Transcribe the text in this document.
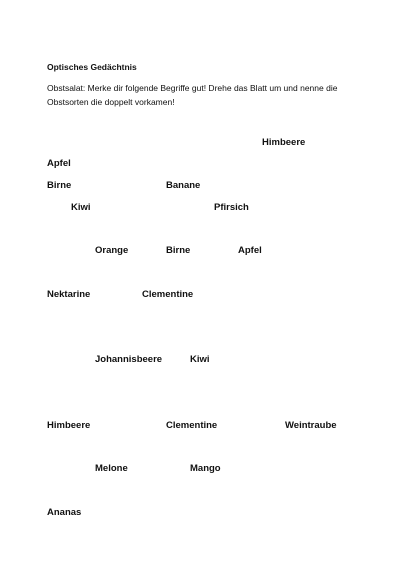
Optisches Gedächtnis
Obstsalat: Merke dir folgende Begriffe gut! Drehe das Blatt um und nenne die Obstsorten die doppelt vorkamen!
Himbeere
Apfel
Birne	Banane
Kiwi	Pfirsich
Orange	Birne	Apfel
Nektarine	Clementine
Johannisbeere	Kiwi
Himbeere	Clementine	Weintraube
Melone	Mango
Ananas
